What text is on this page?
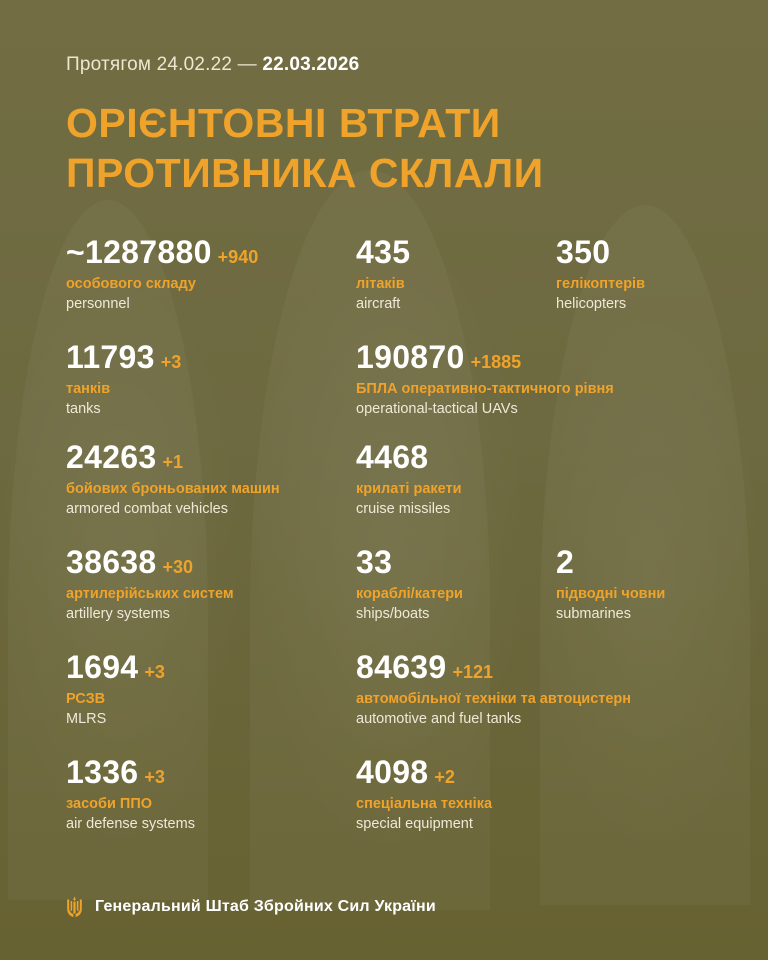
Протягом 24.02.22 — 22.03.2026
ОРІЄНТОВНІ ВТРАТИ
ПРОТИВНИКА СКЛАЛИ
~1287880 +940
особового складу
personnel
435
літаків
aircraft
350
гелікоптерів
helicopters
11793 +3
танків
tanks
190870 +1885
БПЛА оперативно-тактичного рівня
operational-tactical UAVs
24263 +1
бойових броньованих машин
armored combat vehicles
4468
крилаті ракети
cruise missiles
38638 +30
артилерійських систем
artillery systems
33
кораблі/катери
ships/boats
2
підводні човни
submarines
1694 +3
РСЗВ
MLRS
84639 +121
автомобільної техніки та автоцистерн
automotive and fuel tanks
1336 +3
засоби ППО
air defense systems
4098 +2
спеціальна техніка
special equipment
Генеральний Штаб Збройних Сил України
